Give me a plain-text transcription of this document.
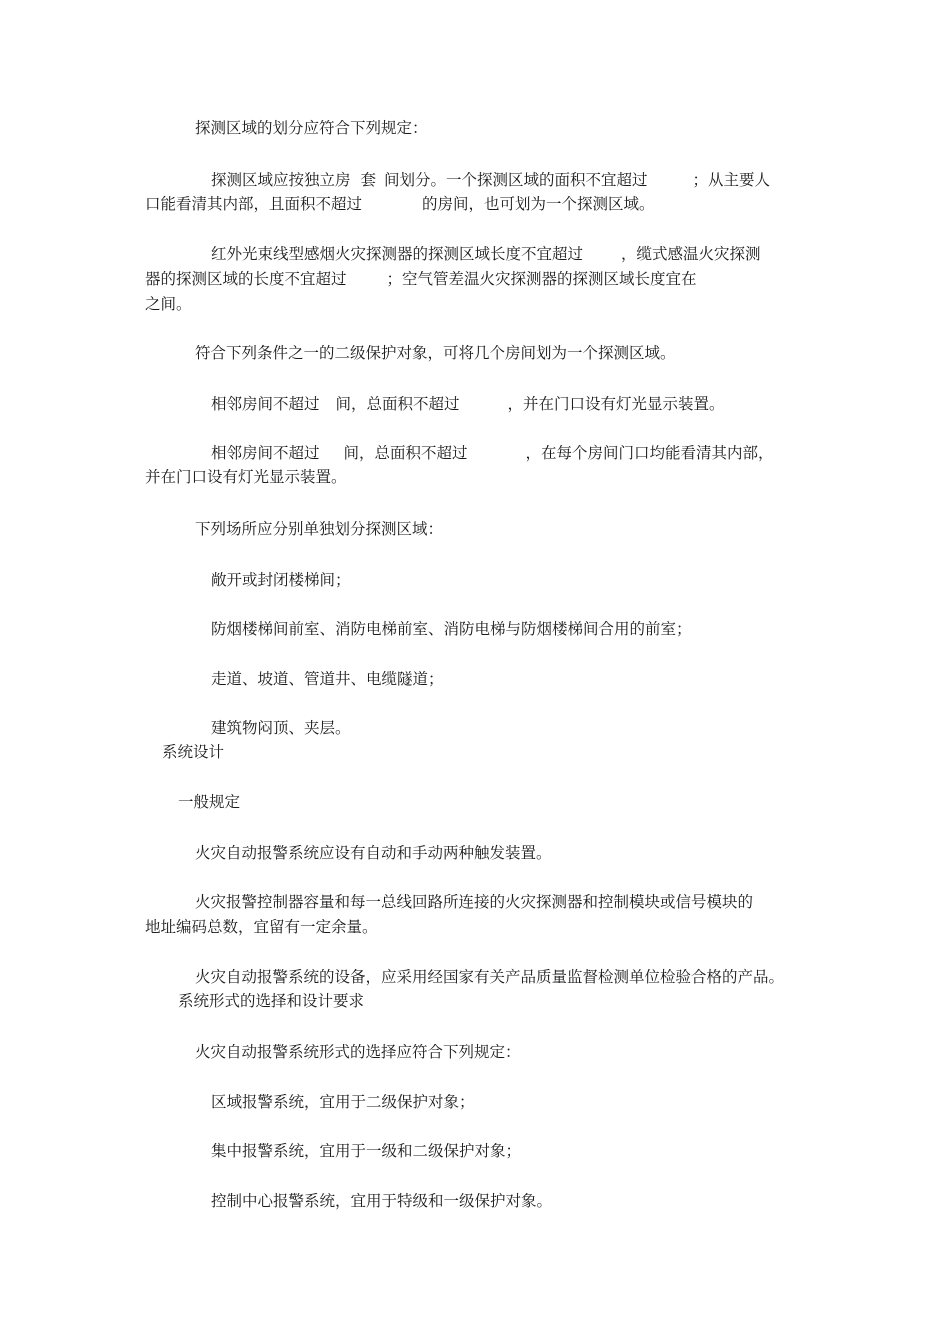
探测区域的划分应符合下列规定：
探测区域应按独立房 套 间划分。一个探测区域的面积不宜超过	；从主要人
口能看清其内部，且面积不超过	的房间，也可划为一个探测区域。
红外光束线型感烟火灾探测器的探测区域长度不宜超过 ，缆式感温火灾探测
器的探测区域的长度不宜超过	；空气管差温火灾探测器的探测区域长度宜在
之间。
符合下列条件之一的二级保护对象，可将几个房间划为一个探测区域。
相邻房间不超过 间，总面积不超过	，并在门口设有灯光显示装置。
相邻房间不超过 间，总面积不超过	，在每个房间门口均能看清其内部，
并在门口设有灯光显示装置。
下列场所应分别单独划分探测区域：
敞开或封闭楼梯间；
防烟楼梯间前室、消防电梯前室、消防电梯与防烟楼梯间合用的前室；
走道、坡道、管道井、电缆隧道；
建筑物闷顶、夹层。
系统设计
一般规定
火灾自动报警系统应设有自动和手动两种触发装置。
火灾报警控制器容量和每一总线回路所连接的火灾探测器和控制模块或信号模块的
地址编码总数，宜留有一定余量。
火灾自动报警系统的设备，应采用经国家有关产品质量监督检测单位检验合格的产品。
系统形式的选择和设计要求
火灾自动报警系统形式的选择应符合下列规定：
区域报警系统，宜用于二级保护对象；
集中报警系统，宜用于一级和二级保护对象；
控制中心报警系统，宜用于特级和一级保护对象。
